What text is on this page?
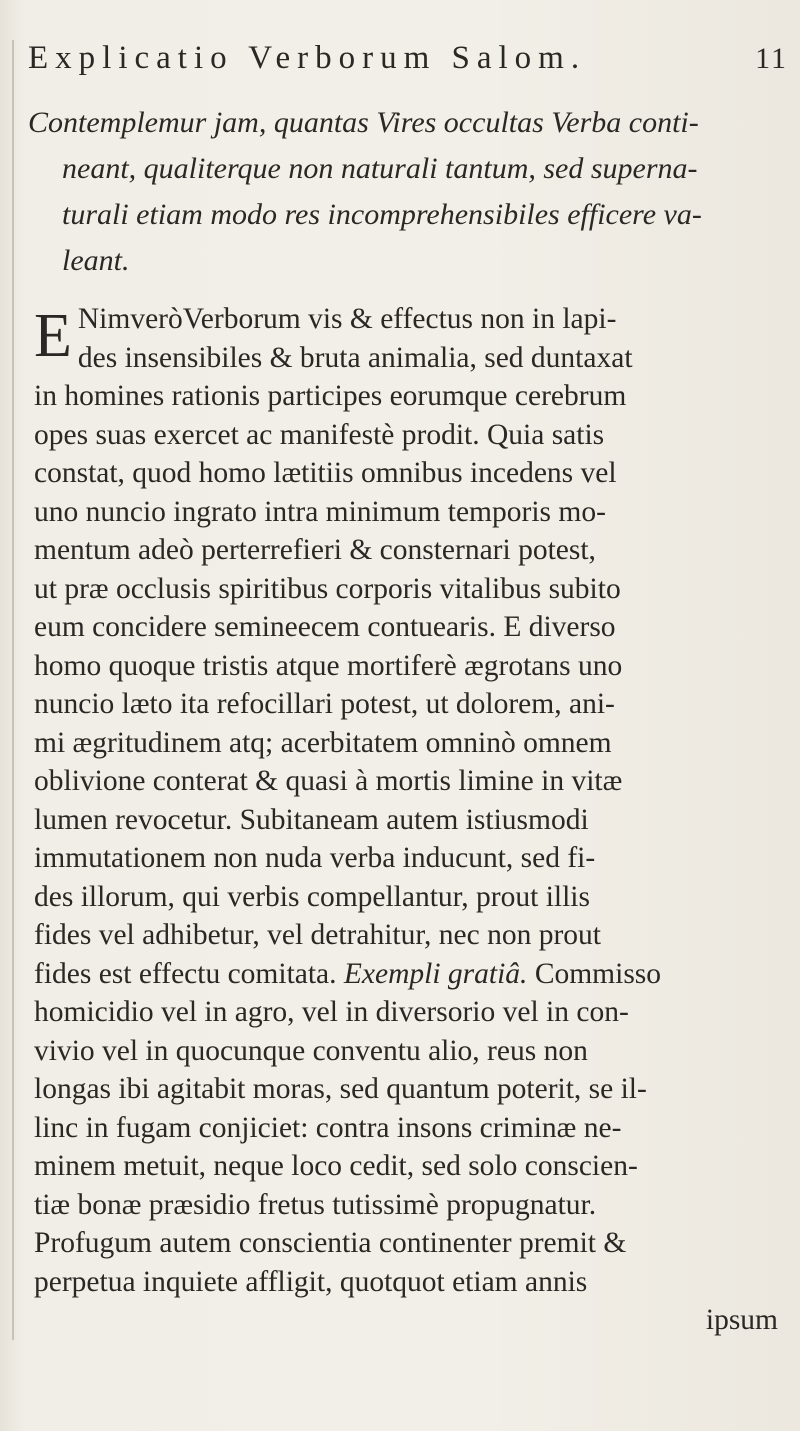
Explicatio Verborum Salom.	11
Contemplemur jam, quantas Vires occultas Verba conti-
neant, qualiterque non naturali tantum, sed superna-
turali etiam modo res incomprehensibiles efficere va-
leant.
E NimveròVerborum vis & effectus non in lapi-
des insensibiles & bruta animalia, sed duntaxat
in homines rationis participes eorumque cerebrum
opes suas exercet ac manifestè prodit. Quia satis
constat, quod homo lætitiis omnibus incedens vel
uno nuncio ingrato intra minimum temporis mo-
mentum adeò perterrefieri & consternari potest,
ut præ occlusis spiritibus corporis vitalibus subito
eum concidere semineecem contuearis. E diverso
homo quoque tristis atque mortiferè ægrotans uno
nuncio læto ita refocillari potest, ut dolorem, ani-
mi ægritudinem atq; acerbitatem omninò omnem
oblivione conterat & quasi à mortis limine in vitæ
lumen revocetur. Subitaneam autem istiusmodi
immutationem non nuda verba inducunt, sed fi-
des illorum, qui verbis compellantur, prout illis
fides vel adhibetur, vel detrahitur, nec non prout
fides est effectu comitata. Exempli gratiâ. Commisso
homicidio vel in agro, vel in diversorio vel in con-
vivio vel in quocunque conventu alio, reus non
longas ibi agitabit moras, sed quantum poterit, se il-
linc in fugam conjiciet: contra insons criminæ ne-
minem metuit, neque loco cedit, sed solo conscien-
tiæ bonæ præsidio fretus tutissimè propugnatur.
Profugum autem conscientia continenter premit &
perpetua inquiete affligit, quotquot etiam annis
ipsum
